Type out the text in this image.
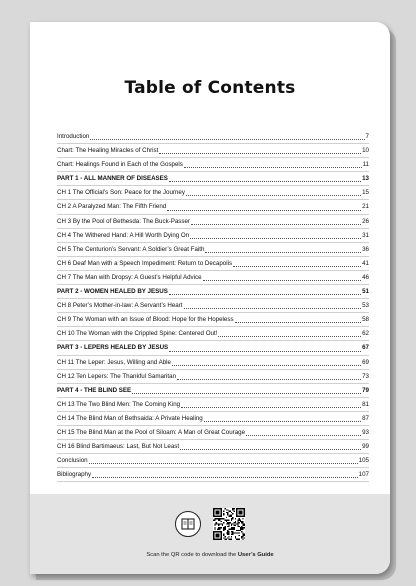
Table of Contents
Introduction	7
Chart: The Healing Miracles of Christ	10
Chart: Healings Found in Each of the Gospels	11
PART 1 - ALL MANNER OF DISEASES	13
CH 1 The Official’s Son: Peace for the Journey	15
CH 2 A Paralyzed Man: The Fifth Friend	21
CH 3 By the Pool of Bethesda: The Buck-Passer	26
CH 4 The Withered Hand: A Hill Worth Dying On	31
CH 5 The Centurion’s Servant: A Soldier’s Great Faith	36
CH 6 Deaf Man with a Speech Impediment: Return to Decapolis	41
CH 7 The Man with Dropsy: A Guest’s Helpful Advice	46
PART 2 - WOMEN HEALED BY JESUS	51
CH 8 Peter’s Mother-in-law: A Servant’s Heart	53
CH 9 The Woman with an Issue of Blood: Hope for the Hopeless	58
CH 10 The Woman with the Crippled Spine: Centered Out!	62
PART 3 - LEPERS HEALED BY JESUS	67
CH 11 The Leper: Jesus, Willing and Able	69
CH 12 Ten Lepers: The Thankful Samaritan	73
PART 4 - THE BLIND SEE	79
CH 13 The Two Blind Men: The Coming King	81
CH 14 The Blind Man of Bethsaida: A Private Healing	87
CH 15 The Blind Man at the Pool of Siloam: A Man of Great Courage	93
CH 16 Blind Bartimaeus: Last, But Not Least	99
Conclusion	105
Bibliography	107
Scan the QR code to download the User’s Guide
